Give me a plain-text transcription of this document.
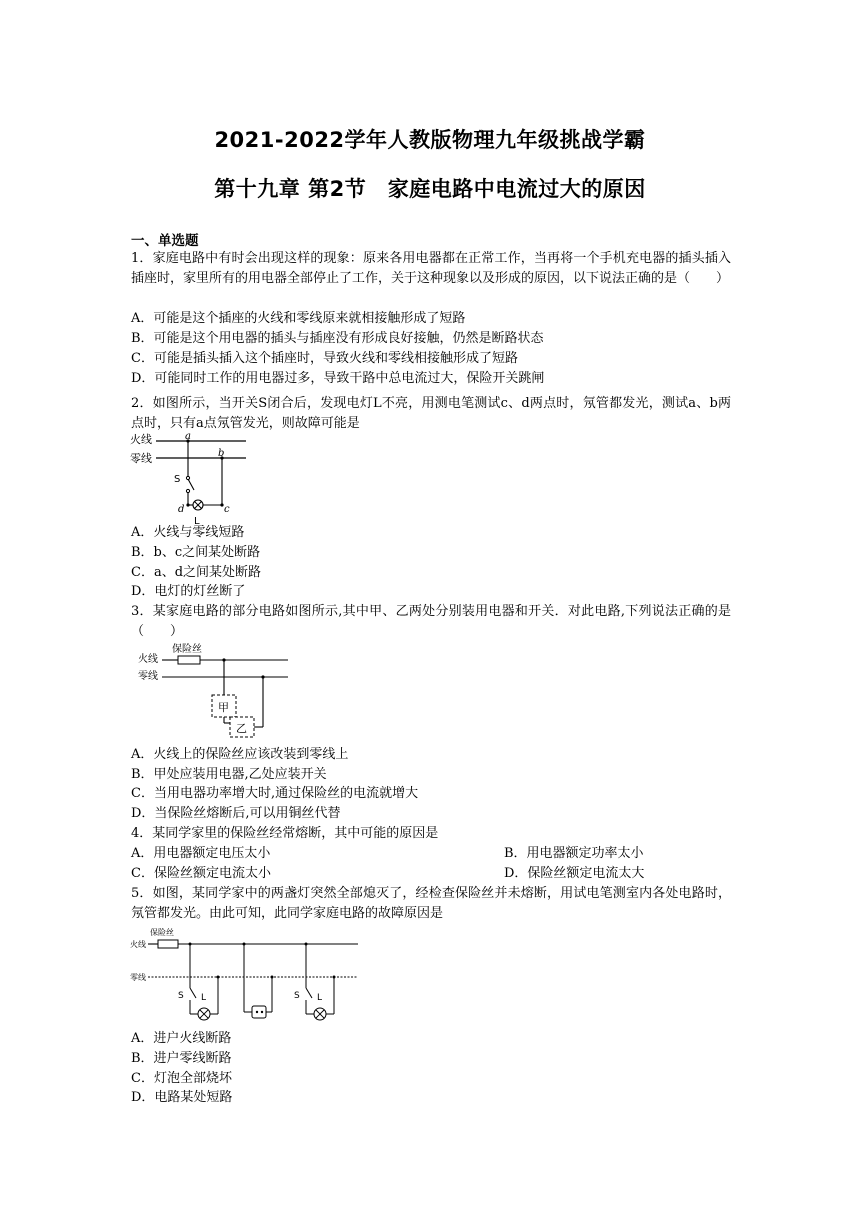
2021-2022学年人教版物理九年级挑战学霸
第十九章 第2节　家庭电路中电流过大的原因
一、单选题
1．家庭电路中有时会出现这样的现象：原来各用电器都在正常工作，当再将一个手机充电器的插头插入插座时，家里所有的用电器全部停止了工作，关于这种现象以及形成的原因，以下说法正确的是（　　）
A．可能是这个插座的火线和零线原来就相接触形成了短路
B．可能是这个用电器的插头与插座没有形成良好接触，仍然是断路状态
C．可能是插头插入这个插座时，导致火线和零线相接触形成了短路
D．可能同时工作的用电器过多，导致干路中总电流过大，保险开关跳闸
2．如图所示，当开关S闭合后，发现电灯L不亮，用测电笔测试c、d两点时，氖管都发光，测试a、b两点时，只有a点氖管发光，则故障可能是
火线
零线
a
b
S
d	c
L
A．火线与零线短路
B．b、c之间某处断路
C．a、d之间某处断路
D．电灯的灯丝断了
3．某家庭电路的部分电路如图所示,其中甲、乙两处分别装用电器和开关．对此电路,下列说法正确的是（　　）
火线
零线
保险丝
甲
乙
A．火线上的保险丝应该改装到零线上
B．甲处应装用电器,乙处应装开关
C．当用电器功率增大时,通过保险丝的电流就增大
D．当保险丝熔断后,可以用铜丝代替
4．某同学家里的保险丝经常熔断，其中可能的原因是
A．用电器额定电压太小	B．用电器额定功率太小
C．保险丝额定电流太小	D．保险丝额定电流太大
5．如图，某同学家中的两盏灯突然全部熄灭了，经检查保险丝并未熔断，用试电笔测室内各处电路时，氖管都发光。由此可知，此同学家庭电路的故障原因是
保险丝
火线
零线
S L	S L
A．进户火线断路
B．进户零线断路
C．灯泡全部烧坏
D．电路某处短路
